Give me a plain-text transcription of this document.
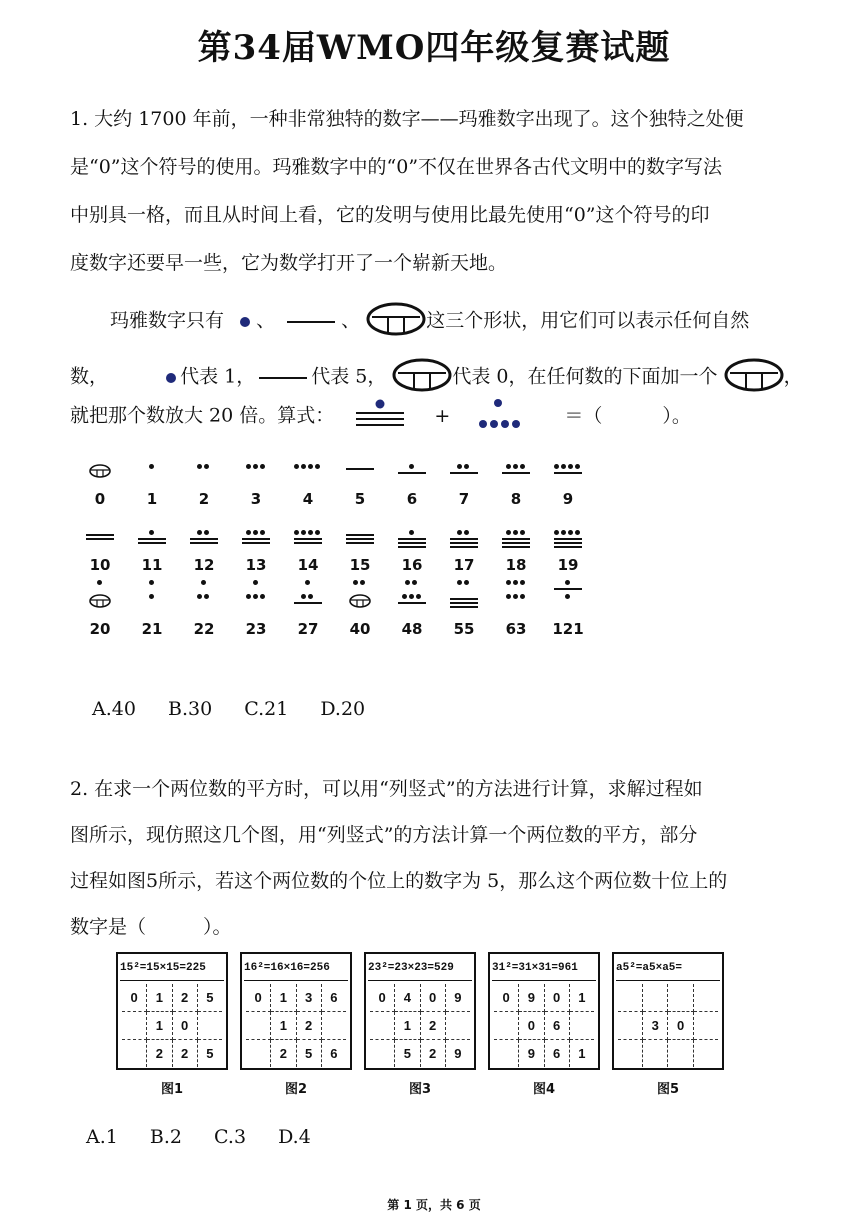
第34届WMO四年级复赛试题
1. 大约 1700 年前，一种非常独特的数字——玛雅数字出现了。这个独特之处便
是“0”这个符号的使用。玛雅数字中的“0”不仅在世界各古代文明中的数字写法
中别具一格，而且从时间上看，它的发明与使用比最先使用“0”这个符号的印
度数字还要早一些，它为数学打开了一个崭新天地。
玛雅数字只有 、	、	这三个形状，用它们可以表示任何自然
数，	代表 1，	代表 5，	代表 0，在任何数的下面加一个	，
就把那个数放大 20 倍。算式：	+	＝（	）。
0	1	2	3	4	5	6	7	8	9
10	11	12	13	14	15	16	17	18	19
20	21	22	23	27	40	48	55	63	121
A.40 B.30 C.21 D.20
2. 在求一个两位数的平方时，可以用“列竖式”的方法进行计算，求解过程如
图所示，现仿照这几个图，用“列竖式”的方法计算一个两位数的平方，部分
过程如图5所示，若这个两位数的个位上的数字为 5，那么这个两位数十位上的
数字是（　　　）。
15²=15×15=225
0	1	2	5
	1	0	
	2	2	5
图1
16²=16×16=256
0	1	3	6
	1	2	
	2	5	6
图2
23²=23×23=529
0	4	0	9
	1	2	
	5	2	9
图3
31²=31×31=961
0	9	0	1
	0	6	
	9	6	1
图4
a5²=a5×a5=

	3	0	

图5
A.1 B.2 C.3 D.4
第 1 页，共 6 页
